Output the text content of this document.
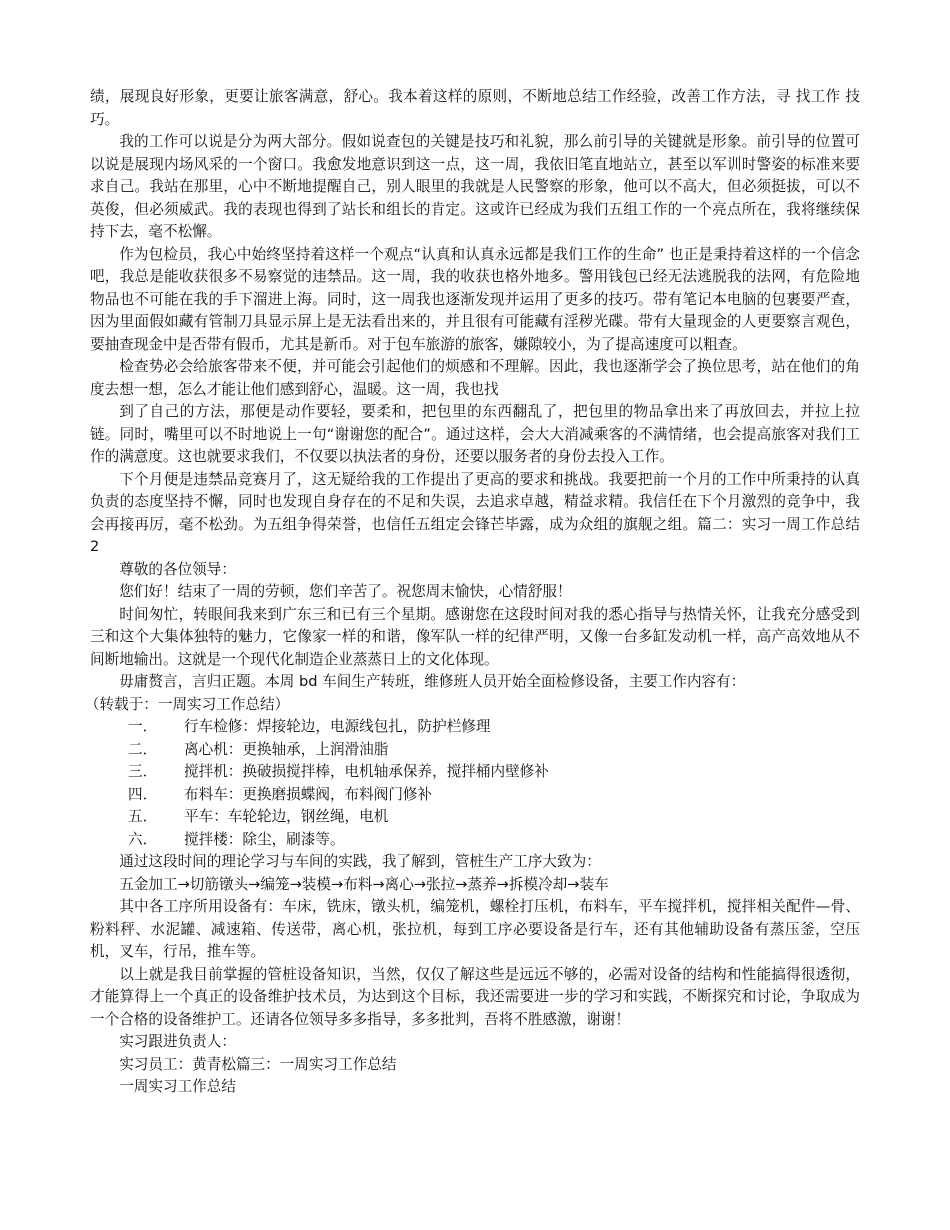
绩，展现良好形象，更要让旅客满意，舒心。我本着这样的原则，不断地总结工作经验，改善工作方法，寻 找工作 技巧。

我的工作可以说是分为两大部分。假如说查包的关键是技巧和礼貌，那么前引导的关键就是形象。前引导的位置可以说是展现内场风采的一个窗口。我愈发地意识到这一点，这一周，我依旧笔直地站立，甚至以军训时警姿的标准来要求自己。我站在那里，心中不断地提醒自己，别人眼里的我就是人民警察的形象，他可以不高大，但必须挺拔，可以不英俊，但必须威武。我的表现也得到了站长和组长的肯定。这或许已经成为我们五组工作的一个亮点所在，我将继续保持下去，毫不松懈。

作为包检员，我心中始终坚持着这样一个观点“认真和认真永远都是我们工作的生命” 也正是秉持着这样的一个信念吧，我总是能收获很多不易察觉的违禁品。这一周，我的收获也格外地多。警用钱包已经无法逃脱我的法网，有危险地物品也不可能在我的手下溜进上海。同时，这一周我也逐渐发现并运用了更多的技巧。带有笔记本电脑的包裹要严查，因为里面假如藏有管制刀具显示屏上是无法看出来的，并且很有可能藏有淫秽光碟。带有大量现金的人更要察言观色，要抽查现金中是否带有假币，尤其是新币。对于包车旅游的旅客，嫌隙较小，为了提高速度可以粗查。

检查势必会给旅客带来不便，并可能会引起他们的烦感和不理解。因此，我也逐渐学会了换位思考，站在他们的角度去想一想，怎么才能让他们感到舒心，温暖。这一周，我也找

到了自己的方法，那便是动作要轻，要柔和，把包里的东西翻乱了，把包里的物品拿出来了再放回去，并拉上拉链。同时，嘴里可以不时地说上一句“谢谢您的配合”。通过这样，会大大消减乘客的不满情绪，也会提高旅客对我们工作的满意度。这也就要求我们，不仅要以执法者的身份，还要以服务者的身份去投入工作。

下个月便是违禁品竞赛月了，这无疑给我的工作提出了更高的要求和挑战。我要把前一个月的工作中所秉持的认真负责的态度坚持不懈，同时也发现自身存在的不足和失误，去追求卓越，精益求精。我信任在下个月激烈的竞争中，我会再接再厉，毫不松劲。为五组争得荣誉，也信任五组定会锋芒毕露，成为众组的旗舰之组。篇二：实习一周工作总结 2

尊敬的各位领导：

您们好！结束了一周的劳顿，您们辛苦了。祝您周末愉快，心情舒服！

时间匆忙，转眼间我来到广东三和已有三个星期。感谢您在这段时间对我的悉心指导与热情关怀，让我充分感受到三和这个大集体独特的魅力，它像家一样的和谐，像军队一样的纪律严明，又像一台多缸发动机一样，高产高效地从不间断地输出。这就是一个现代化制造企业蒸蒸日上的文化体现。

毋庸赘言，言归正题。本周 bd 车间生产转班，维修班人员开始全面检修设备，主要工作内容有：

（转载于：一周实习工作总结）

一．	行车检修：焊接轮边，电源线包扎，防护栏修理
二．	离心机：更换轴承，上润滑油脂
三．	搅拌机：换破损搅拌棒，电机轴承保养，搅拌桶内壁修补
四．	布料车：更换磨损蝶阀，布料阀门修补
五．	平车：车轮轮边，钢丝绳，电机
六．	搅拌楼：除尘，刷漆等。

通过这段时间的理论学习与车间的实践，我了解到，管桩生产工序大致为：

五金加工→切筋镦头→编笼→装模→布料→离心→张拉→蒸养→拆模冷却→装车

其中各工序所用设备有：车床，铣床，镦头机，编笼机，螺栓打压机，布料车，平车搅拌机，搅拌相关配件—骨、粉料秤、水泥罐、减速箱、传送带，离心机，张拉机，每到工序必要设备是行车，还有其他辅助设备有蒸压釜，空压机，叉车，行吊，推车等。

以上就是我目前掌握的管桩设备知识，当然，仅仅了解这些是远远不够的，必需对设备的结构和性能搞得很透彻，才能算得上一个真正的设备维护技术员，为达到这个目标，我还需要进一步的学习和实践，不断探究和讨论，争取成为一个合格的设备维护工。还请各位领导多多指导，多多批判，吾将不胜感激，谢谢！

实习跟进负责人：

实习员工：黄青松篇三：一周实习工作总结

一周实习工作总结
